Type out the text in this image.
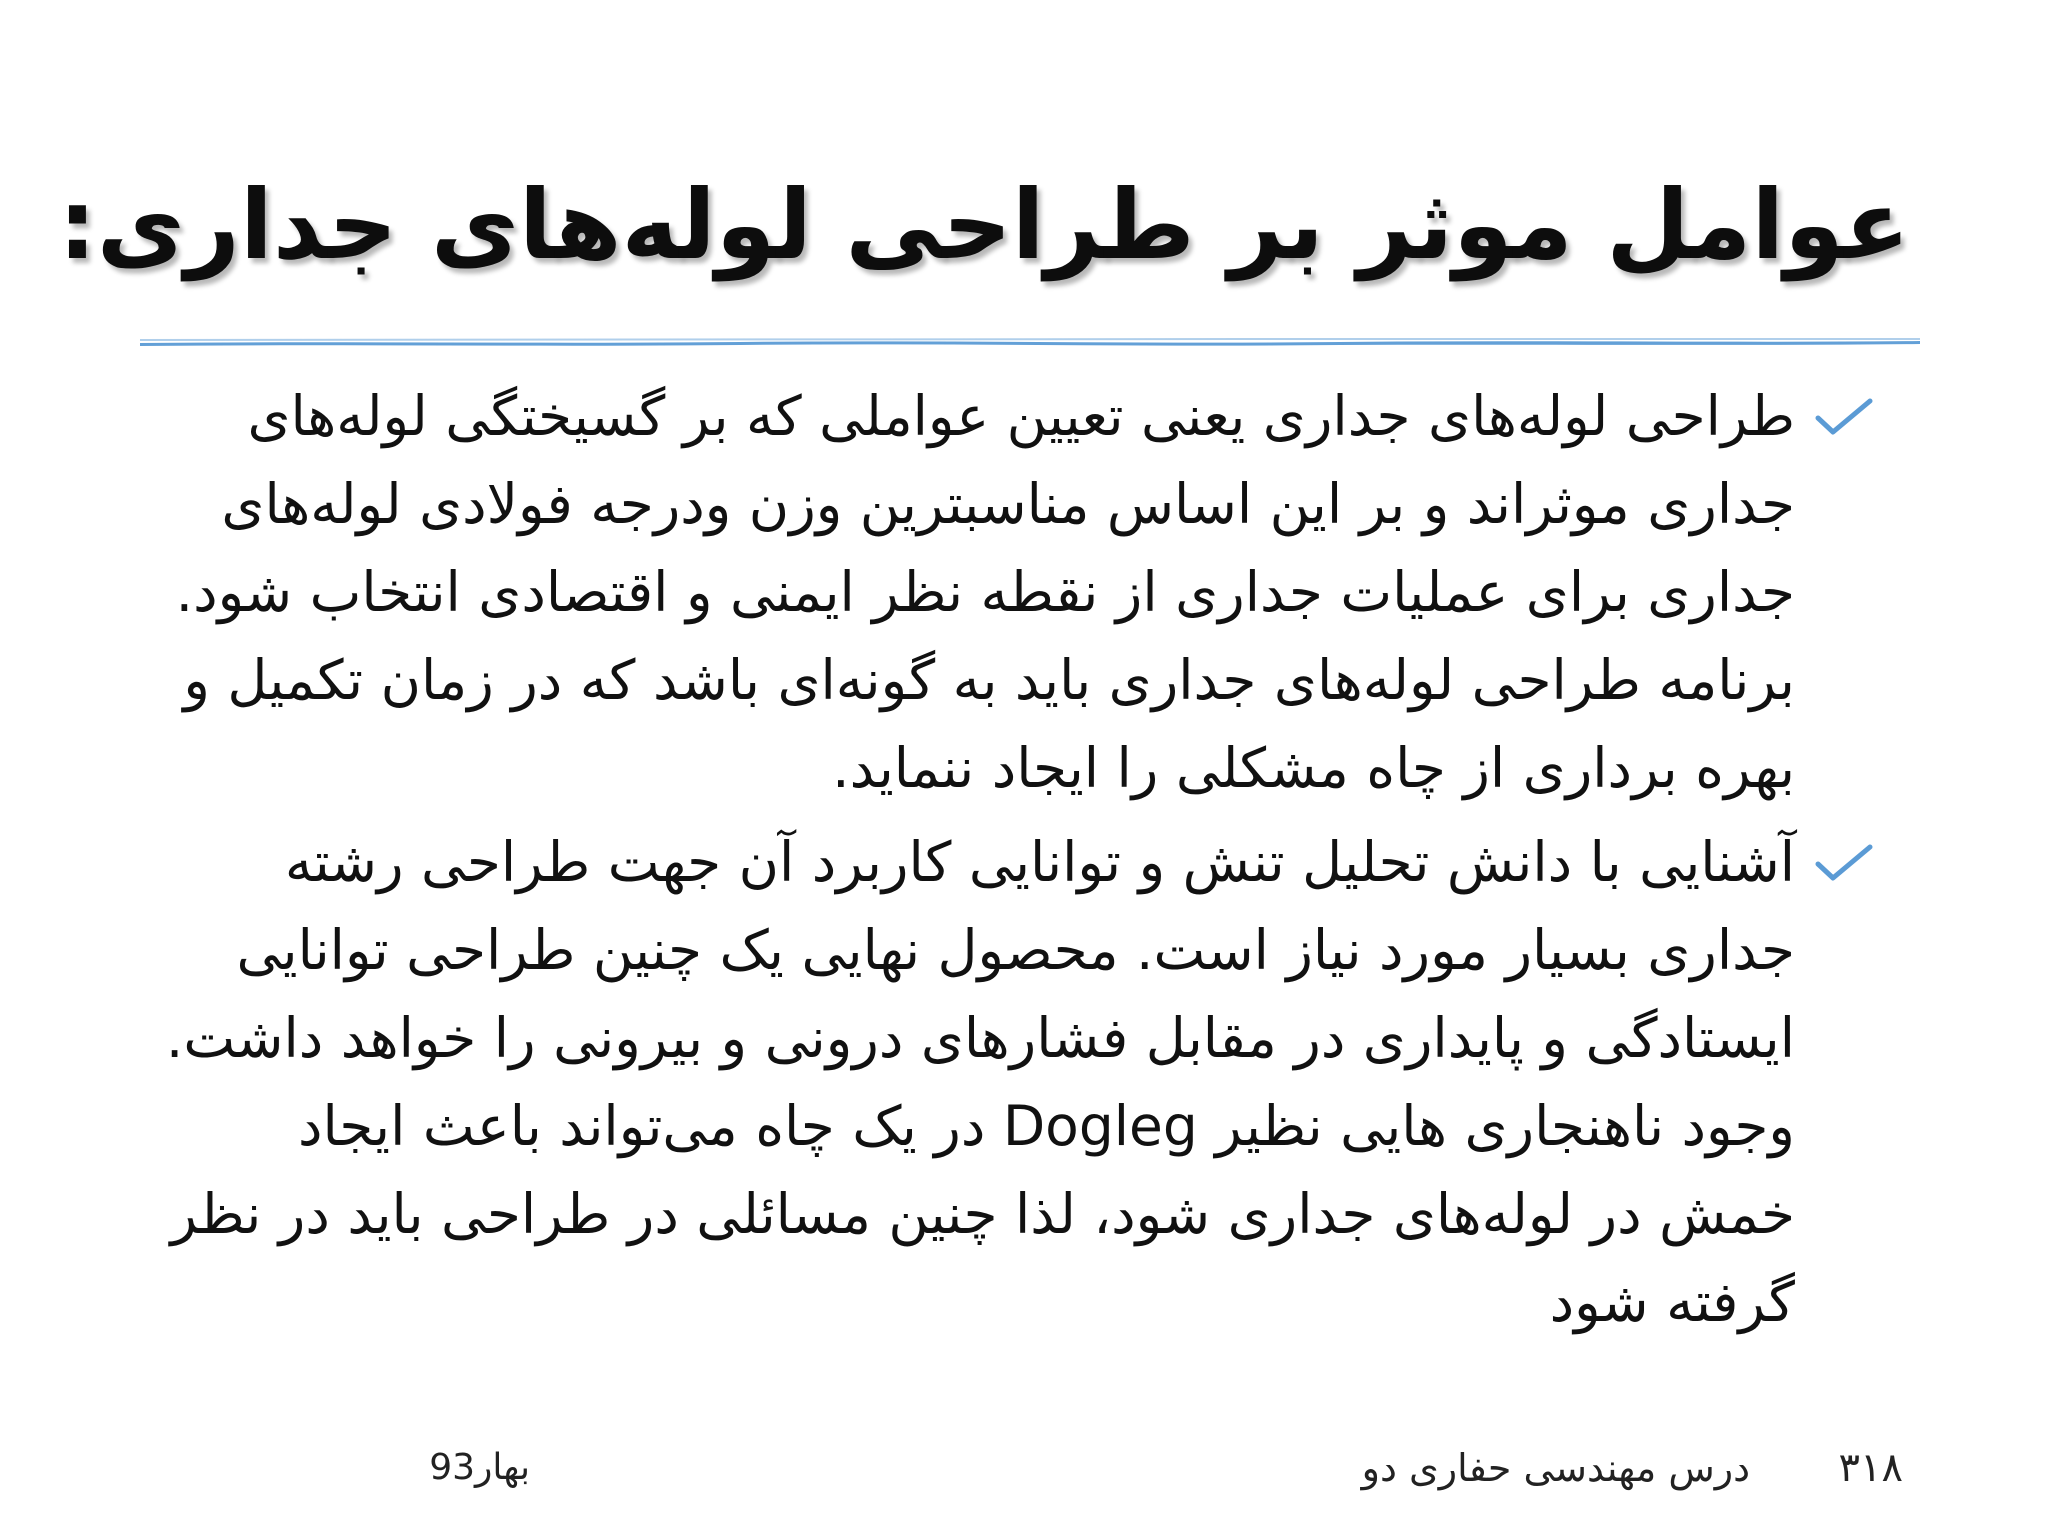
عوامل موثر بر طراحی لوله‌های جداری:
طراحی لوله‌های جداری یعنی تعیین عواملی که بر گسیختگی لوله‌های جداری موثراند و بر این اساس مناسبترین وزن ودرجه فولادی لوله‌های جداری برای عملیات جداری از نقطه نظر ایمنی و اقتصادی انتخاب شود. برنامه طراحی لوله‌های جداری باید به گونه‌ای باشد که در زمان تکمیل و بهره برداری از چاه مشکلی را ایجاد ننماید.
آشنایی با دانش تحلیل تنش و توانایی کاربرد آن جهت طراحی رشته جداری بسیار مورد نیاز است. محصول نهایی یک چنین طراحی توانایی ایستادگی و پایداری در مقابل فشارهای درونی و بیرونی را خواهد داشت. وجود ناهنجاری هایی نظیر Dogleg در یک چاه می‌تواند باعث ایجاد خمش در لوله‌های جداری شود، لذا چنین مسائلی در طراحی باید در نظر گرفته شود
۳۱۸
درس مهندسی حفاری دو
بهار93
